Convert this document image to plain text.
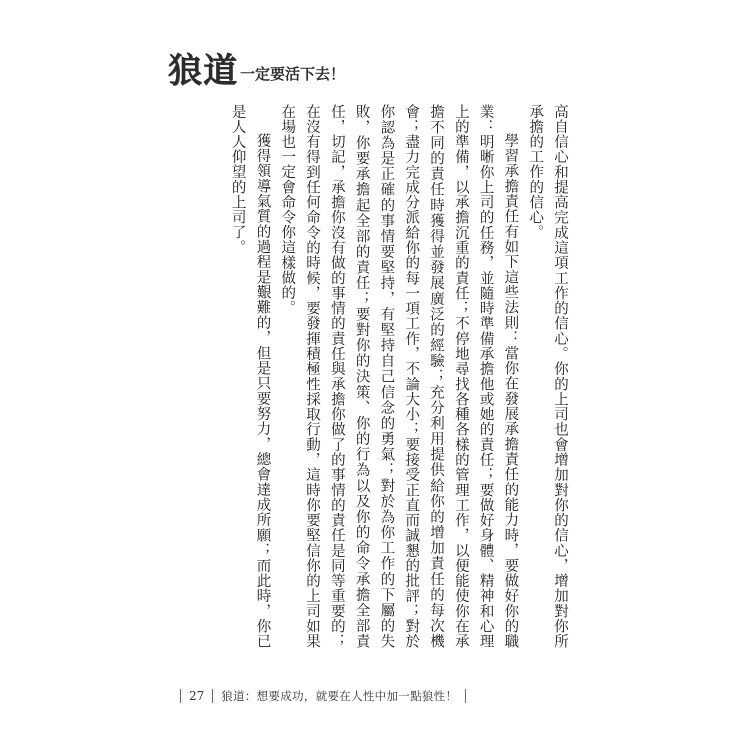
狼道 一定要活下去！

高自信心和提高完成這項工作的信心。你的上司也會增加對你的信心，增加對你所承擔的工作的信心。

學習承擔責任有如下這些法則：當你在發展承擔責任的能力時，要做好你的職業：明晰你上司的任務，並隨時準備承擔他或她的責任；要做好身體、精神和心理上的準備，以承擔沉重的責任；不停地尋找各種各樣的管理工作，以便能使你在承擔不同的責任時獲得並發展廣泛的經驗；充分利用提供給你的增加責任的每次機會；盡力完成分派給你的每一項工作，不論大小；要接受正直而誠懇的批評；對於你認為是正確的事情要堅持，有堅持自己信念的勇氣；對於為你工作的下屬的失敗，你要承擔起全部的責任；要對你的決策、你的行為以及你的命令承擔全部責任，切記，承擔你沒有做的事情的責任與承擔你做了的事情的責任是同等重要的；在沒有得到任何命令的時候，要發揮積極性採取行動，這時你要堅信你的上司如果在場也一定會命令你這樣做的。

獲得領導氣質的過程是艱難的，但是只要努力，總會達成所願；而此時，你已是人人仰望的上司了。

27 狼道：想要成功，就要在人性中加一點狼性！
